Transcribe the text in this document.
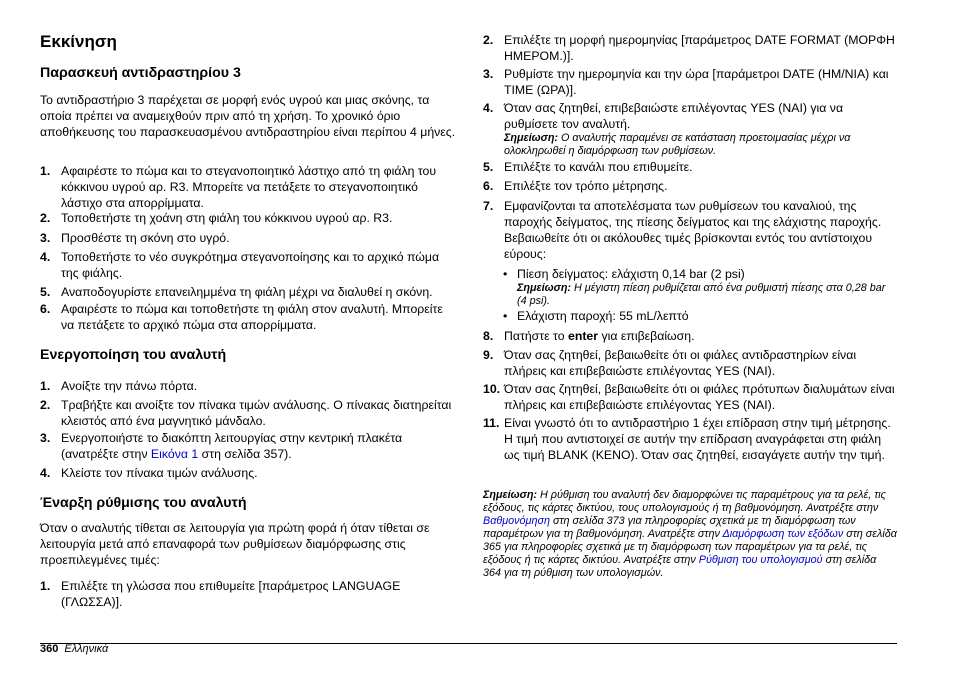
Εκκίνηση
Παρασκευή αντιδραστηρίου 3
Το αντιδραστήριο 3 παρέχεται σε μορφή ενός υγρού και μιας σκόνης, τα οποία πρέπει να αναμειχθούν πριν από τη χρήση. Το χρονικό όριο αποθήκευσης του παρασκευασμένου αντιδραστηρίου είναι περίπου 4 μήνες.
1. Αφαιρέστε το πώμα και το στεγανοποιητικό λάστιχο από τη φιάλη του κόκκινου υγρού αρ. R3. Μπορείτε να πετάξετε το στεγανοποιητικό λάστιχο στα απορρίμματα.
2. Τοποθετήστε τη χοάνη στη φιάλη του κόκκινου υγρού αρ. R3.
3. Προσθέστε τη σκόνη στο υγρό.
4. Τοποθετήστε το νέο συγκρότημα στεγανοποίησης και το αρχικό πώμα της φιάλης.
5. Αναποδογυρίστε επανειλημμένα τη φιάλη μέχρι να διαλυθεί η σκόνη.
6. Αφαιρέστε το πώμα και τοποθετήστε τη φιάλη στον αναλυτή. Μπορείτε να πετάξετε το αρχικό πώμα στα απορρίμματα.
Ενεργοποίηση του αναλυτή
1. Ανοίξτε την πάνω πόρτα.
2. Τραβήξτε και ανοίξτε τον πίνακα τιμών ανάλυσης. Ο πίνακας διατηρείται κλειστός από ένα μαγνητικό μάνδαλο.
3. Ενεργοποιήστε το διακόπτη λειτουργίας στην κεντρική πλακέτα (ανατρέξτε στην Εικόνα 1 στη σελίδα 357).
4. Κλείστε τον πίνακα τιμών ανάλυσης.
Έναρξη ρύθμισης του αναλυτή
Όταν ο αναλυτής τίθεται σε λειτουργία για πρώτη φορά ή όταν τίθεται σε λειτουργία μετά από επαναφορά των ρυθμίσεων διαμόρφωσης στις προεπιλεγμένες τιμές:
1. Επιλέξτε τη γλώσσα που επιθυμείτε [παράμετρος LANGUAGE (ΓΛΩΣΣΑ)].
2. Επιλέξτε τη μορφή ημερομηνίας [παράμετρος DATE FORMAT (ΜΟΡΦΗ ΗΜΕΡΟΜ.)].
3. Ρυθμίστε την ημερομηνία και την ώρα [παράμετροι DATE (HM/NIA) και TIME (ΩΡΑ)].
4. Όταν σας ζητηθεί, επιβεβαιώστε επιλέγοντας YES (ΝΑΙ) για να ρυθμίσετε τον αναλυτή.
Σημείωση: Ο αναλυτής παραμένει σε κατάσταση προετοιμασίας μέχρι να ολοκληρωθεί η διαμόρφωση των ρυθμίσεων.
5. Επιλέξτε το κανάλι που επιθυμείτε.
6. Επιλέξτε τον τρόπο μέτρησης.
7. Εμφανίζονται τα αποτελέσματα των ρυθμίσεων του καναλιού, της παροχής δείγματος, της πίεσης δείγματος και της ελάχιστης παροχής. Βεβαιωθείτε ότι οι ακόλουθες τιμές βρίσκονται εντός του αντίστοιχου εύρους:
• Πίεση δείγματος: ελάχιστη 0,14 bar (2 psi)
Σημείωση: Η μέγιστη πίεση ρυθμίζεται από ένα ρυθμιστή πίεσης στα 0,28 bar (4 psi).
• Ελάχιστη παροχή: 55 mL/λεπτό
8. Πατήστε το enter για επιβεβαίωση.
9. Όταν σας ζητηθεί, βεβαιωθείτε ότι οι φιάλες αντιδραστηρίων είναι πλήρεις και επιβεβαιώστε επιλέγοντας YES (ΝΑΙ).
10. Όταν σας ζητηθεί, βεβαιωθείτε ότι οι φιάλες πρότυπων διαλυμάτων είναι πλήρεις και επιβεβαιώστε επιλέγοντας YES (ΝΑΙ).
11. Είναι γνωστό ότι το αντιδραστήριο 1 έχει επίδραση στην τιμή μέτρησης. Η τιμή που αντιστοιχεί σε αυτήν την επίδραση αναγράφεται στη φιάλη ως τιμή BLANK (ΚΕΝΟ). Όταν σας ζητηθεί, εισαγάγετε αυτήν την τιμή.
Σημείωση: Η ρύθμιση του αναλυτή δεν διαμορφώνει τις παραμέτρους για τα ρελέ, τις εξόδους, τις κάρτες δικτύου, τους υπολογισμούς ή τη βαθμονόμηση. Ανατρέξτε στην Βαθμονόμηση στη σελίδα 373 για πληροφορίες σχετικά με τη διαμόρφωση των παραμέτρων για τη βαθμονόμηση. Ανατρέξτε στην Διαμόρφωση των εξόδων στη σελίδα 365 για πληροφορίες σχετικά με τη διαμόρφωση των παραμέτρων για τα ρελέ, τις εξόδους ή τις κάρτες δικτύου. Ανατρέξτε στην Ρύθμιση του υπολογισμού στη σελίδα 364 για τη ρύθμιση των υπολογισμών.
360 Ελληνικά
